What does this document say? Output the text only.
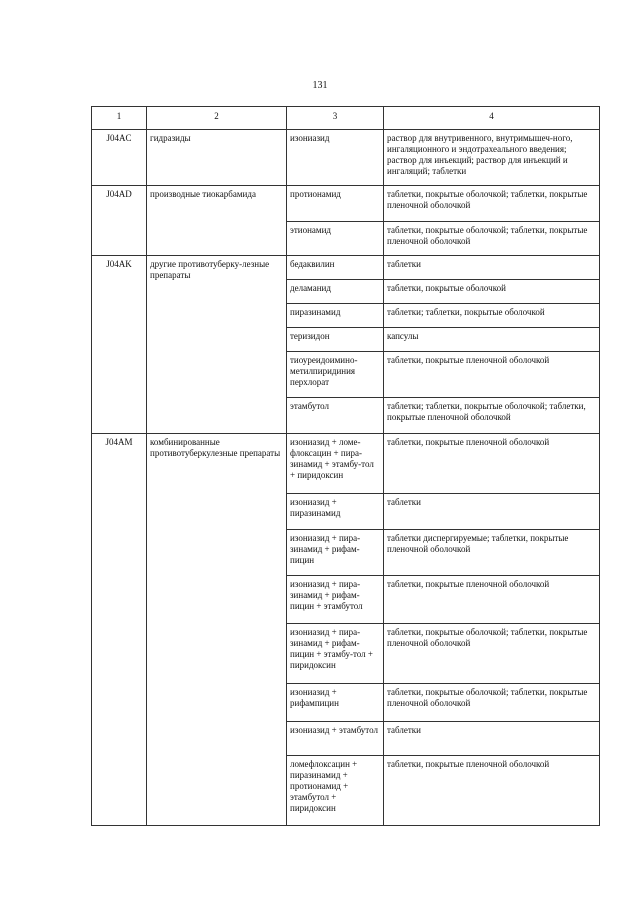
131
1	2	3	4
J04AC	гидразиды	изониазид	раствор для внутривенного, внутримышеч-ного, ингаляционного и эндотрахеального введения; раствор для инъекций; раствор для инъекций и ингаляций; таблетки
J04AD	производные тиокарбамида	протионамид	таблетки, покрытые оболочкой; таблетки, покрытые пленочной оболочкой
		этионамид	таблетки, покрытые оболочкой; таблетки, покрытые пленочной оболочкой
J04AK	другие противотуберку-лезные препараты	бедаквилин	таблетки
		деламанид	таблетки, покрытые оболочкой
		пиразинамид	таблетки; таблетки, покрытые оболочкой
		теризидон	капсулы
		тиоуреидоимино-метилпиридиния перхлорат	таблетки, покрытые пленочной оболочкой
		этамбутол	таблетки; таблетки, покрытые оболочкой; таблетки, покрытые пленочной оболочкой
J04AM	комбинированные противотуберкулезные препараты	изониазид + ломе-флоксацин + пира-зинамид + этамбу-тол + пиридоксин	таблетки, покрытые пленочной оболочкой
		изониазид + пиразинамид	таблетки
		изониазид + пира-зинамид + рифам-пицин	таблетки диспергируемые; таблетки, покрытые пленочной оболочкой
		изониазид + пира-зинамид + рифам-пицин + этамбутол	таблетки, покрытые пленочной оболочкой
		изониазид + пира-зинамид + рифам-пицин + этамбу-тол + пиридоксин	таблетки, покрытые оболочкой; таблетки, покрытые пленочной оболочкой
		изониазид + рифампицин	таблетки, покрытые оболочкой; таблетки, покрытые пленочной оболочкой
		изониазид + этамбутол	таблетки
		ломефлоксацин + пиразинамид + протионамид + этамбутол + пиридоксин	таблетки, покрытые пленочной оболочкой
